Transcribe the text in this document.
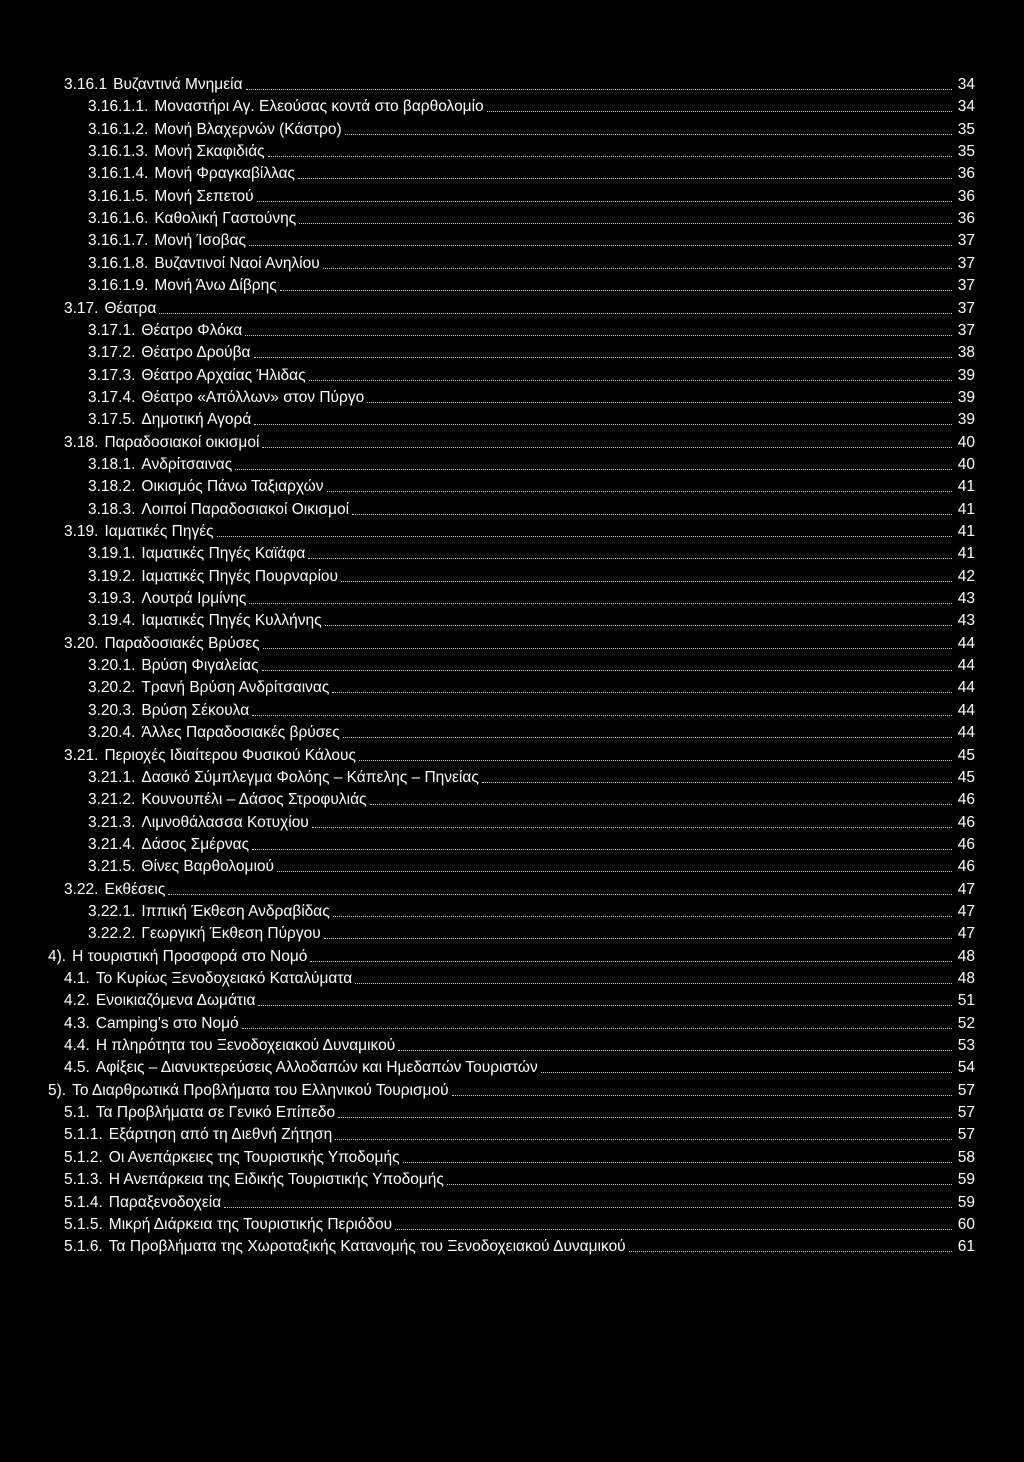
3.16.1 Βυζαντινά Μνημεία	34
3.16.1.1. Μοναστήρι Αγ. Ελεούσας κοντά στο βαρθολομίο	34
3.16.1.2. Μονή Βλαχερνών (Κάστρο)	35
3.16.1.3. Μονή Σκαφιδιάς	35
3.16.1.4. Μονή Φραγκαβίλλας	36
3.16.1.5. Μονή Σεπετού	36
3.16.1.6. Καθολική Γαστούνης	36
3.16.1.7. Μονή Ίσοβας	37
3.16.1.8. Βυζαντινοί Ναοί Ανηλίου	37
3.16.1.9. Μονή Άνω Δίβρης	37
3.17. Θέατρα	37
3.17.1. Θέατρο Φλόκα	37
3.17.2. Θέατρο Δρούβα	38
3.17.3. Θέατρο Αρχαίας Ήλιδας	39
3.17.4. Θέατρο «Απόλλων» στον Πύργο	39
3.17.5. Δημοτική Αγορά	39
3.18. Παραδοσιακοί οικισμοί	40
3.18.1. Ανδρίτσαινας	40
3.18.2. Οικισμός Πάνω Ταξιαρχών	41
3.18.3. Λοιποί Παραδοσιακοί Οικισμοί	41
3.19. Ιαματικές Πηγές	41
3.19.1. Ιαματικές Πηγές Καϊάφα	41
3.19.2. Ιαματικές Πηγές Πουρναρίου	42
3.19.3. Λουτρά Ιρμίνης	43
3.19.4. Ιαματικές Πηγές Κυλλήνης	43
3.20. Παραδοσιακές Βρύσες	44
3.20.1. Βρύση Φιγαλείας	44
3.20.2. Τρανή Βρύση Ανδρίτσαινας	44
3.20.3. Βρύση Σέκουλα	44
3.20.4. Άλλες Παραδοσιακές βρύσες	44
3.21. Περιοχές Ιδιαίτερου Φυσικού Κάλους	45
3.21.1. Δασικό Σύμπλεγμα Φολόης – Κάπελης – Πηνείας	45
3.21.2. Κουνουπέλι – Δάσος Στροφυλιάς	46
3.21.3. Λιμνοθάλασσα Κοτυχίου	46
3.21.4. Δάσος Σμέρνας	46
3.21.5. Θίνες Βαρθολομιού	46
3.22. Εκθέσεις	47
3.22.1. Ιππική Έκθεση Ανδραβίδας	47
3.22.2. Γεωργική Έκθεση Πύργου	47
4). Η τουριστική Προσφορά στο Νομό	48
4.1. Το Κυρίως Ξενοδοχειακό Καταλύματα	48
4.2. Ενοικιαζόμενα Δωμάτια	51
4.3. Camping's στο Νομό	52
4.4. Η πληρότητα του Ξενοδοχειακού Δυναμικού	53
4.5. Αφίξεις – Διανυκτερεύσεις Αλλοδαπών και Ημεδαπών Τουριστών	54
5). Το Διαρθρωτικά Προβλήματα του Ελληνικού Τουρισμού	57
5.1. Τα Προβλήματα σε Γενικό Επίπεδο	57
5.1.1. Εξάρτηση από τη Διεθνή Ζήτηση	57
5.1.2. Οι Ανεπάρκειες της Τουριστικής Υποδομής	58
5.1.3. Η Ανεπάρκεια της Ειδικής Τουριστικής Υποδομής	59
5.1.4. Παραξενοδοχεία	59
5.1.5. Μικρή Διάρκεια της Τουριστικής Περιόδου	60
5.1.6. Τα Προβλήματα της Χωροταξικής Κατανομής του Ξενοδοχειακού Δυναμικού	61
